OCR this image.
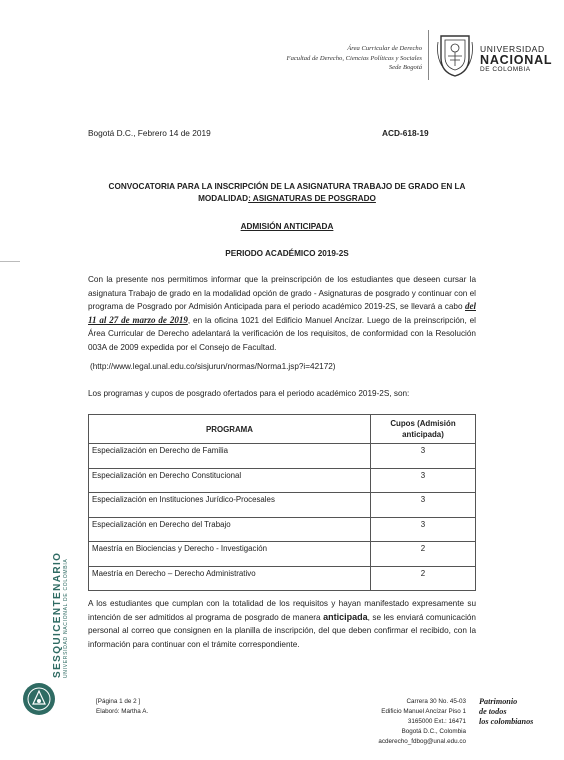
Área Curricular de Derecho
Facultad de Derecho, Ciencias Políticas y Sociales
Sede Bogotá
UNIVERSIDAD
NACIONAL
DE COLOMBIA
Bogotá D.C., Febrero 14 de 2019	ACD-618-19
CONVOCATORIA PARA LA INSCRIPCIÓN DE LA ASIGNATURA TRABAJO DE GRADO EN LA
MODALIDAD: ASIGNATURAS DE POSGRADO
ADMISIÓN ANTICIPADA
PERIODO ACADÉMICO 2019-2S
Con la presente nos permitimos informar que la preinscripción de los estudiantes que deseen cursar la asignatura Trabajo de grado en la modalidad opción de grado - Asignaturas de posgrado y continuar con el programa de Posgrado por Admisión Anticipada para el periodo académico 2019-2S, se llevará a cabo del 11 al 27 de marzo de 2019, en la oficina 1021 del Edificio Manuel Ancízar. Luego de la preinscripción, el Área Curricular de Derecho adelantará la verificación de los requisitos, de conformidad con la Resolución 003A de 2009 expedida por el Consejo de Facultad.
(http://www.legal.unal.edu.co/sisjurun/normas/Norma1.jsp?i=42172)
Los programas y cupos de posgrado ofertados para el periodo académico 2019-2S, son:
PROGRAMA	Cupos (Admisión anticipada)
Especialización en Derecho de Familia	3
Especialización en Derecho Constitucional	3
Especialización en Instituciones Jurídico-Procesales	3
Especialización en Derecho del Trabajo	3
Maestría en Biociencias y Derecho - Investigación	2
Maestría en Derecho – Derecho Administrativo	2
A los estudiantes que cumplan con la totalidad de los requisitos y hayan manifestado expresamente su intención de ser admitidos al programa de posgrado de manera anticipada, se les enviará comunicación personal al correo que consignen en la planilla de inscripción, del que deben confirmar el recibido, con la información para continuar con el trámite correspondiente.
SESQUICENTENARIO UNIVERSIDAD NACIONAL DE COLOMBIA
[Página 1 de 2 ]
Elaboró: Martha A.
Carrera 30 No. 45-03
Edificio Manuel Ancízar Piso 1
3165000 Ext.: 16471
Bogotá D.C., Colombia
acderecho_fdbog@unal.edu.co
Patrimonio
de todos
los colombianos
